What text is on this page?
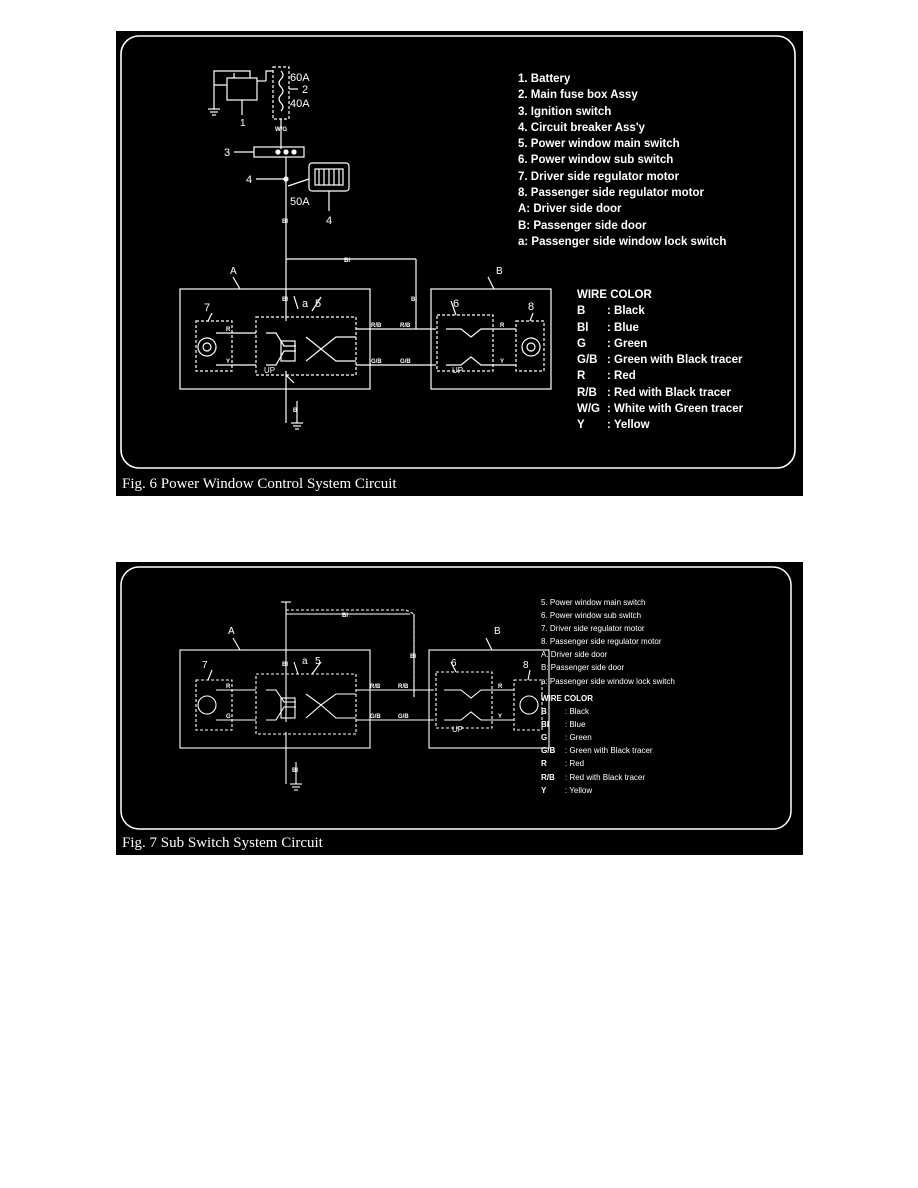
60A
2
40A
1
W/G
3
4
50A
4
Bl
Bl
Bl
A	B
7	a 5	6	8
Bl
R
Y
R/B	R/B
G/B	G/B
R
Y
B
UP	UP
1. Battery
2. Main fuse box Assy
3. Ignition switch
4. Circuit breaker Ass'y
5. Power window main switch
6. Power window sub switch
7. Driver side regulator motor
8. Passenger side regulator motor
A: Driver side door
B: Passenger side door
a: Passenger side window lock switch
WIRE COLOR
B : Black
Bl : Blue
G : Green
G/B : Green with Black tracer
R : Red
R/B : Red with Black tracer
W/G : White with Green tracer
Y : Yellow
Fig. 6 Power Window Control System Circuit
Bl
Bl
Bl
Bl
A	B
7	a 5	6	8
R
G
R/B	R/B
G/B	G/B
R
Y
UP
5. Power window main switch
6. Power window sub switch
7. Driver side regulator motor
8. Passenger side regulator motor
A. Driver side door
B: Passenger side door
a: Passenger side window lock switch
WIRE COLOR
B : Black
Bl : Blue
G : Green
G/B : Green with Black tracer
R : Red
R/B : Red with Black tracer
Y : Yellow
Fig. 7 Sub Switch System Circuit
